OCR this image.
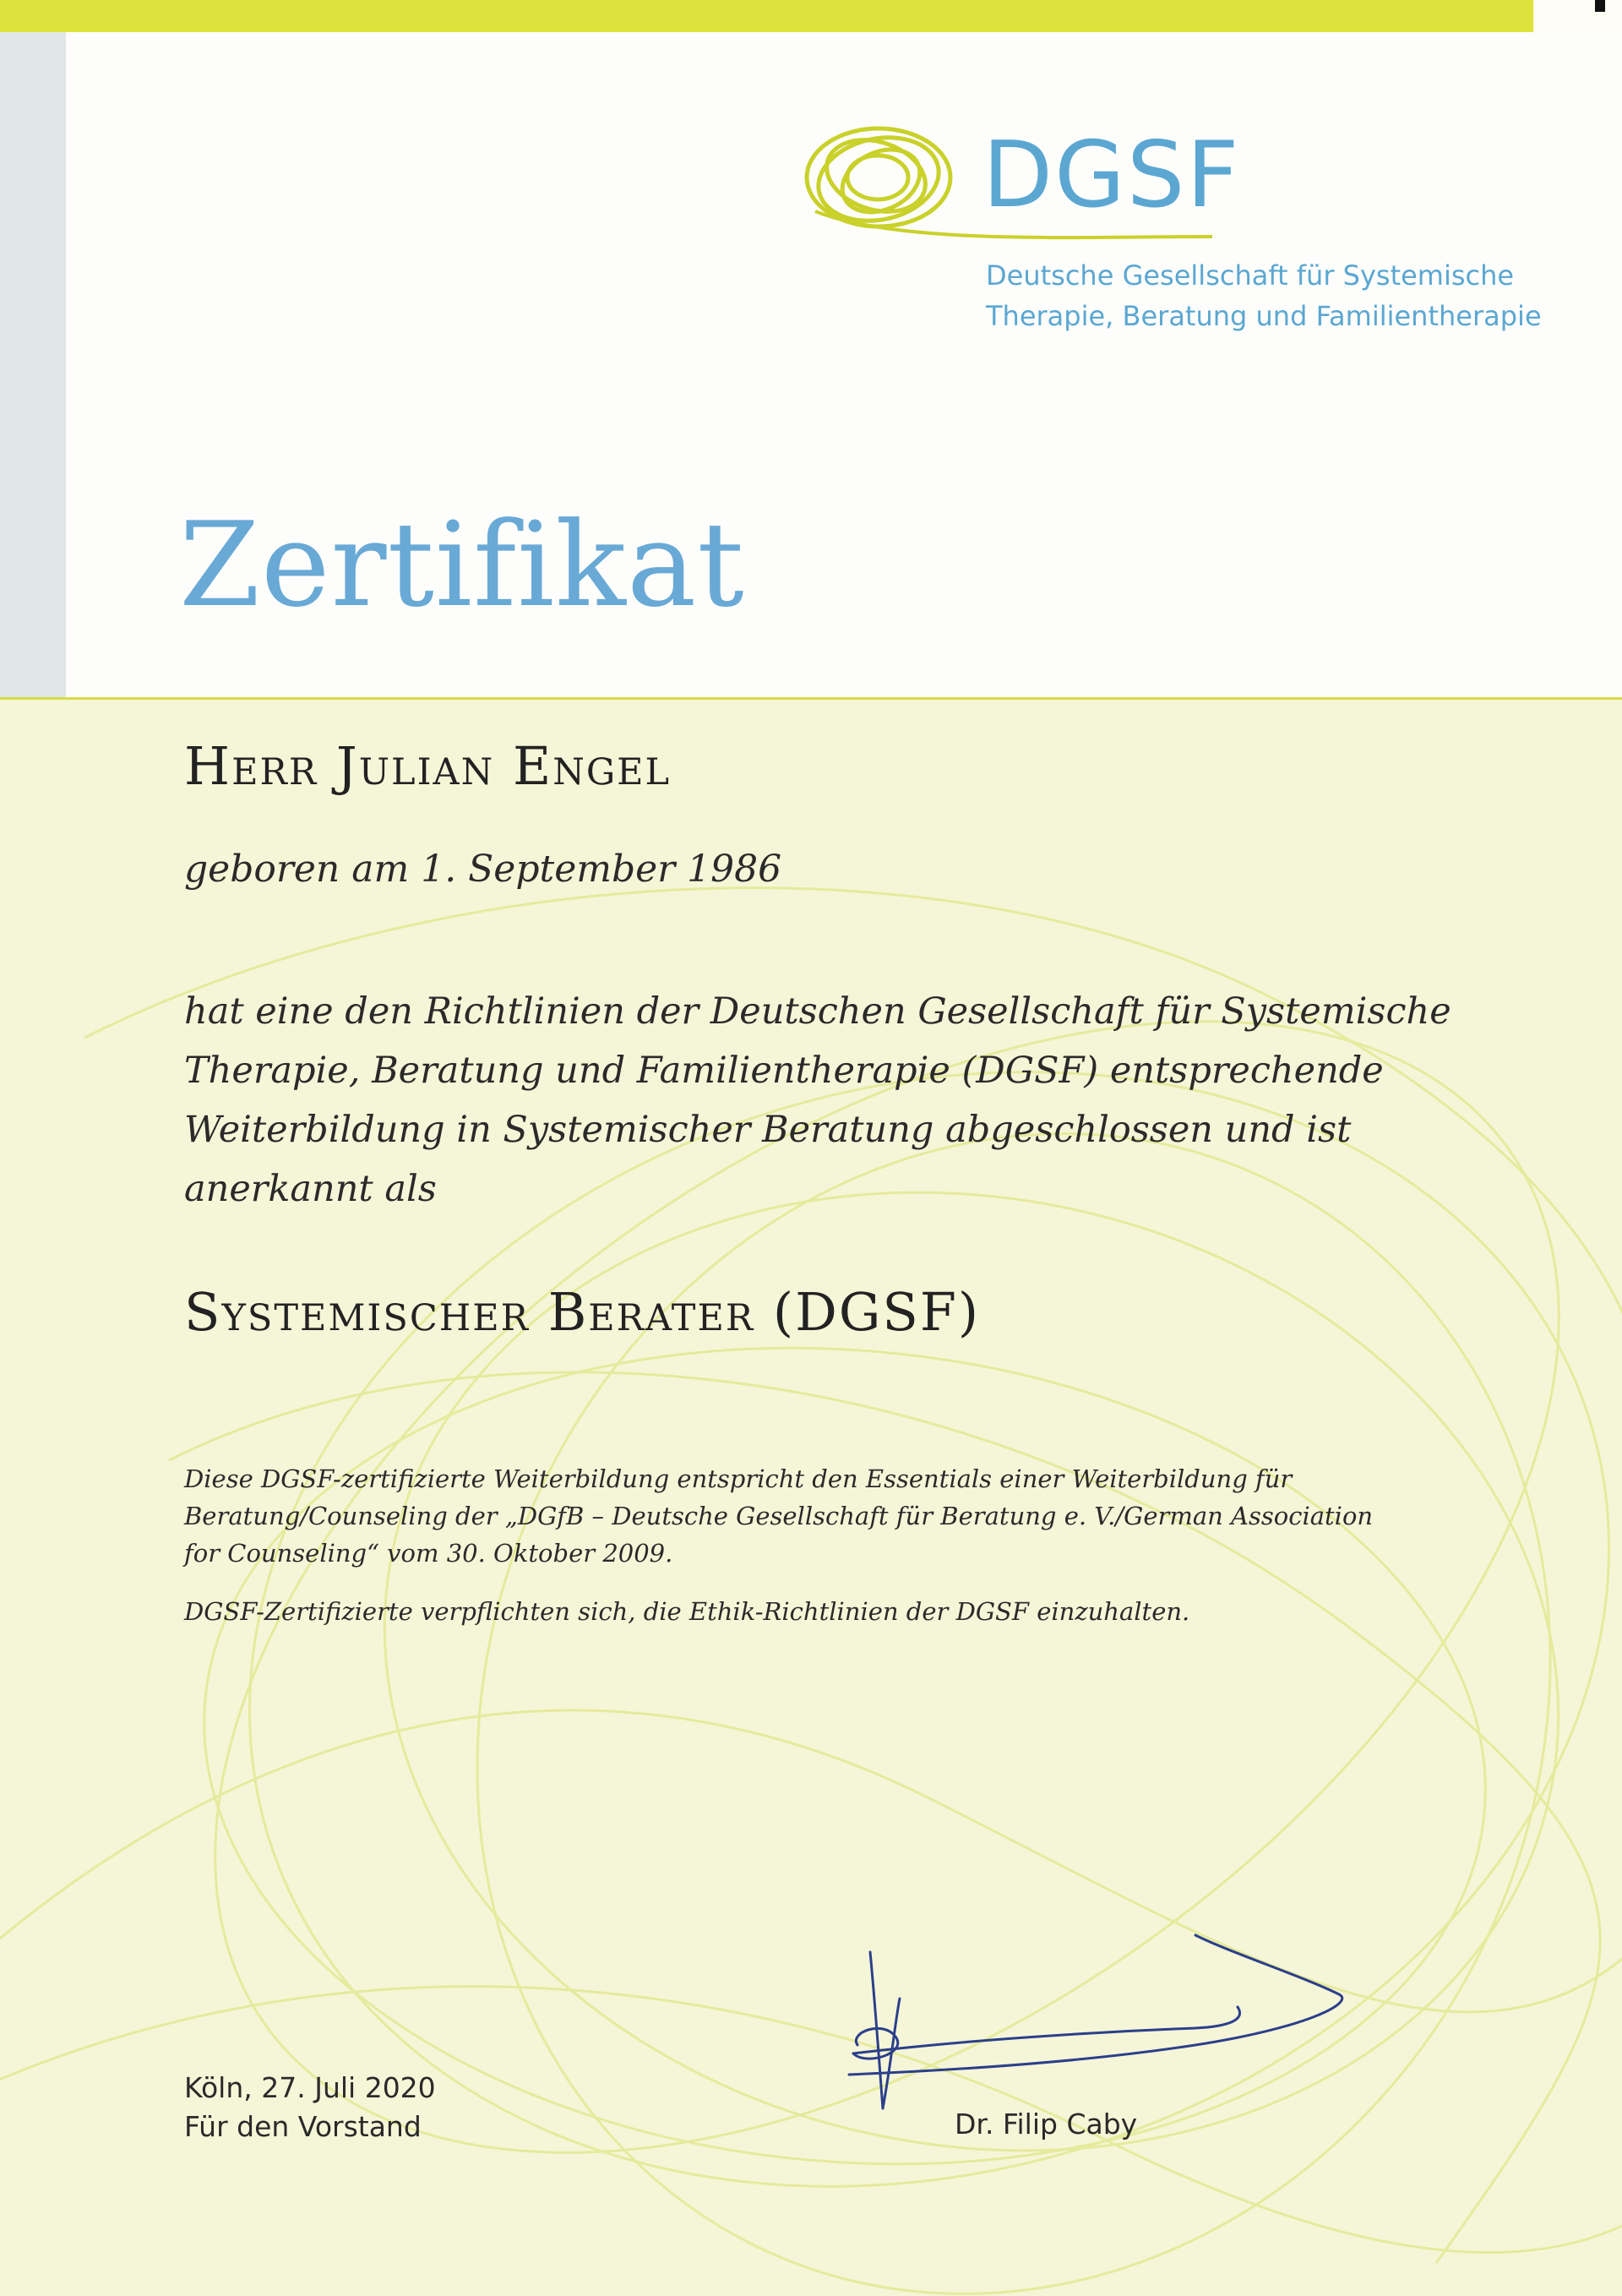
DGSF
Deutsche Gesellschaft für Systemische
Therapie, Beratung und Familientherapie
Zertifikat
Herr Julian Engel
geboren am 1. September 1986
hat eine den Richtlinien der Deutschen Gesellschaft für Systemische
Therapie, Beratung und Familientherapie (DGSF) entsprechende
Weiterbildung in Systemischer Beratung abgeschlossen und ist
anerkannt als
Systemischer Berater (DGSF)
Diese DGSF-zertifizierte Weiterbildung entspricht den Essentials einer Weiterbildung für
Beratung/Counseling der „DGfB – Deutsche Gesellschaft für Beratung e. V./German Association
for Counseling“ vom 30. Oktober 2009.
DGSF-Zertifizierte verpflichten sich, die Ethik-Richtlinien der DGSF einzuhalten.
Köln, 27. Juli 2020
Für den Vorstand	Dr. Filip Caby
